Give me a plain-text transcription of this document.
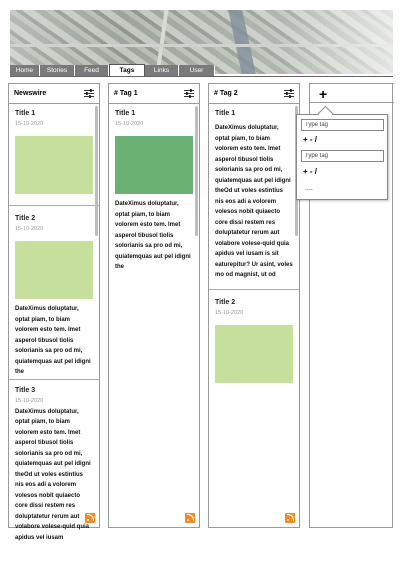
Home	Stories	Feed	Tags	Links	User
Newswire
Title 1
15-10-2020
Title 2
15-10-2020
DateXimus doluptatur, optat piam, to biam volorem esto tem. Imet asperol tibusol tiolis solorianis sa pro od mi, quiatemquas aut pel idigni the
Title 3
15-10-2020
DateXimus doluptatur, optat piam, to biam volorem esto tem. Imet asperol tibusol tiolis solorianis sa pro od mi, quiatemquas aut pel idigni theOd ut voles estintius nis eos adi a volorem volesos nobit quiaecto core dissi restem res doluptatetur rerum aut volabore volese-quid quia apidus vel iusam
# Tag 1
Title 1
15-10-2020
DateXimus doluptatur, optat piam, to biam volorem esto tem. Imet asperol tibusol tiolis solorianis sa pro od mi, quiatemquas aut pel idigni the
# Tag 2
Title 1
DateXimus doluptatur, optat piam, to biam volorem esto tem. Imet asperol tibusol tiolis solorianis sa pro od mi, quiatemquas aut pel idigni theOd ut voles estintius nis eos adi a volorem volesos nobit quiaecto core dissi restem res doluptatetur rerum aut volabore volese-quid quia apidus vel iusam is sit eaturepitur? Ur asint, voles mo od magnist, ut od
Title 2
15-10-2020
+
Type tag
+ - /
Type tag
+ - /
....
